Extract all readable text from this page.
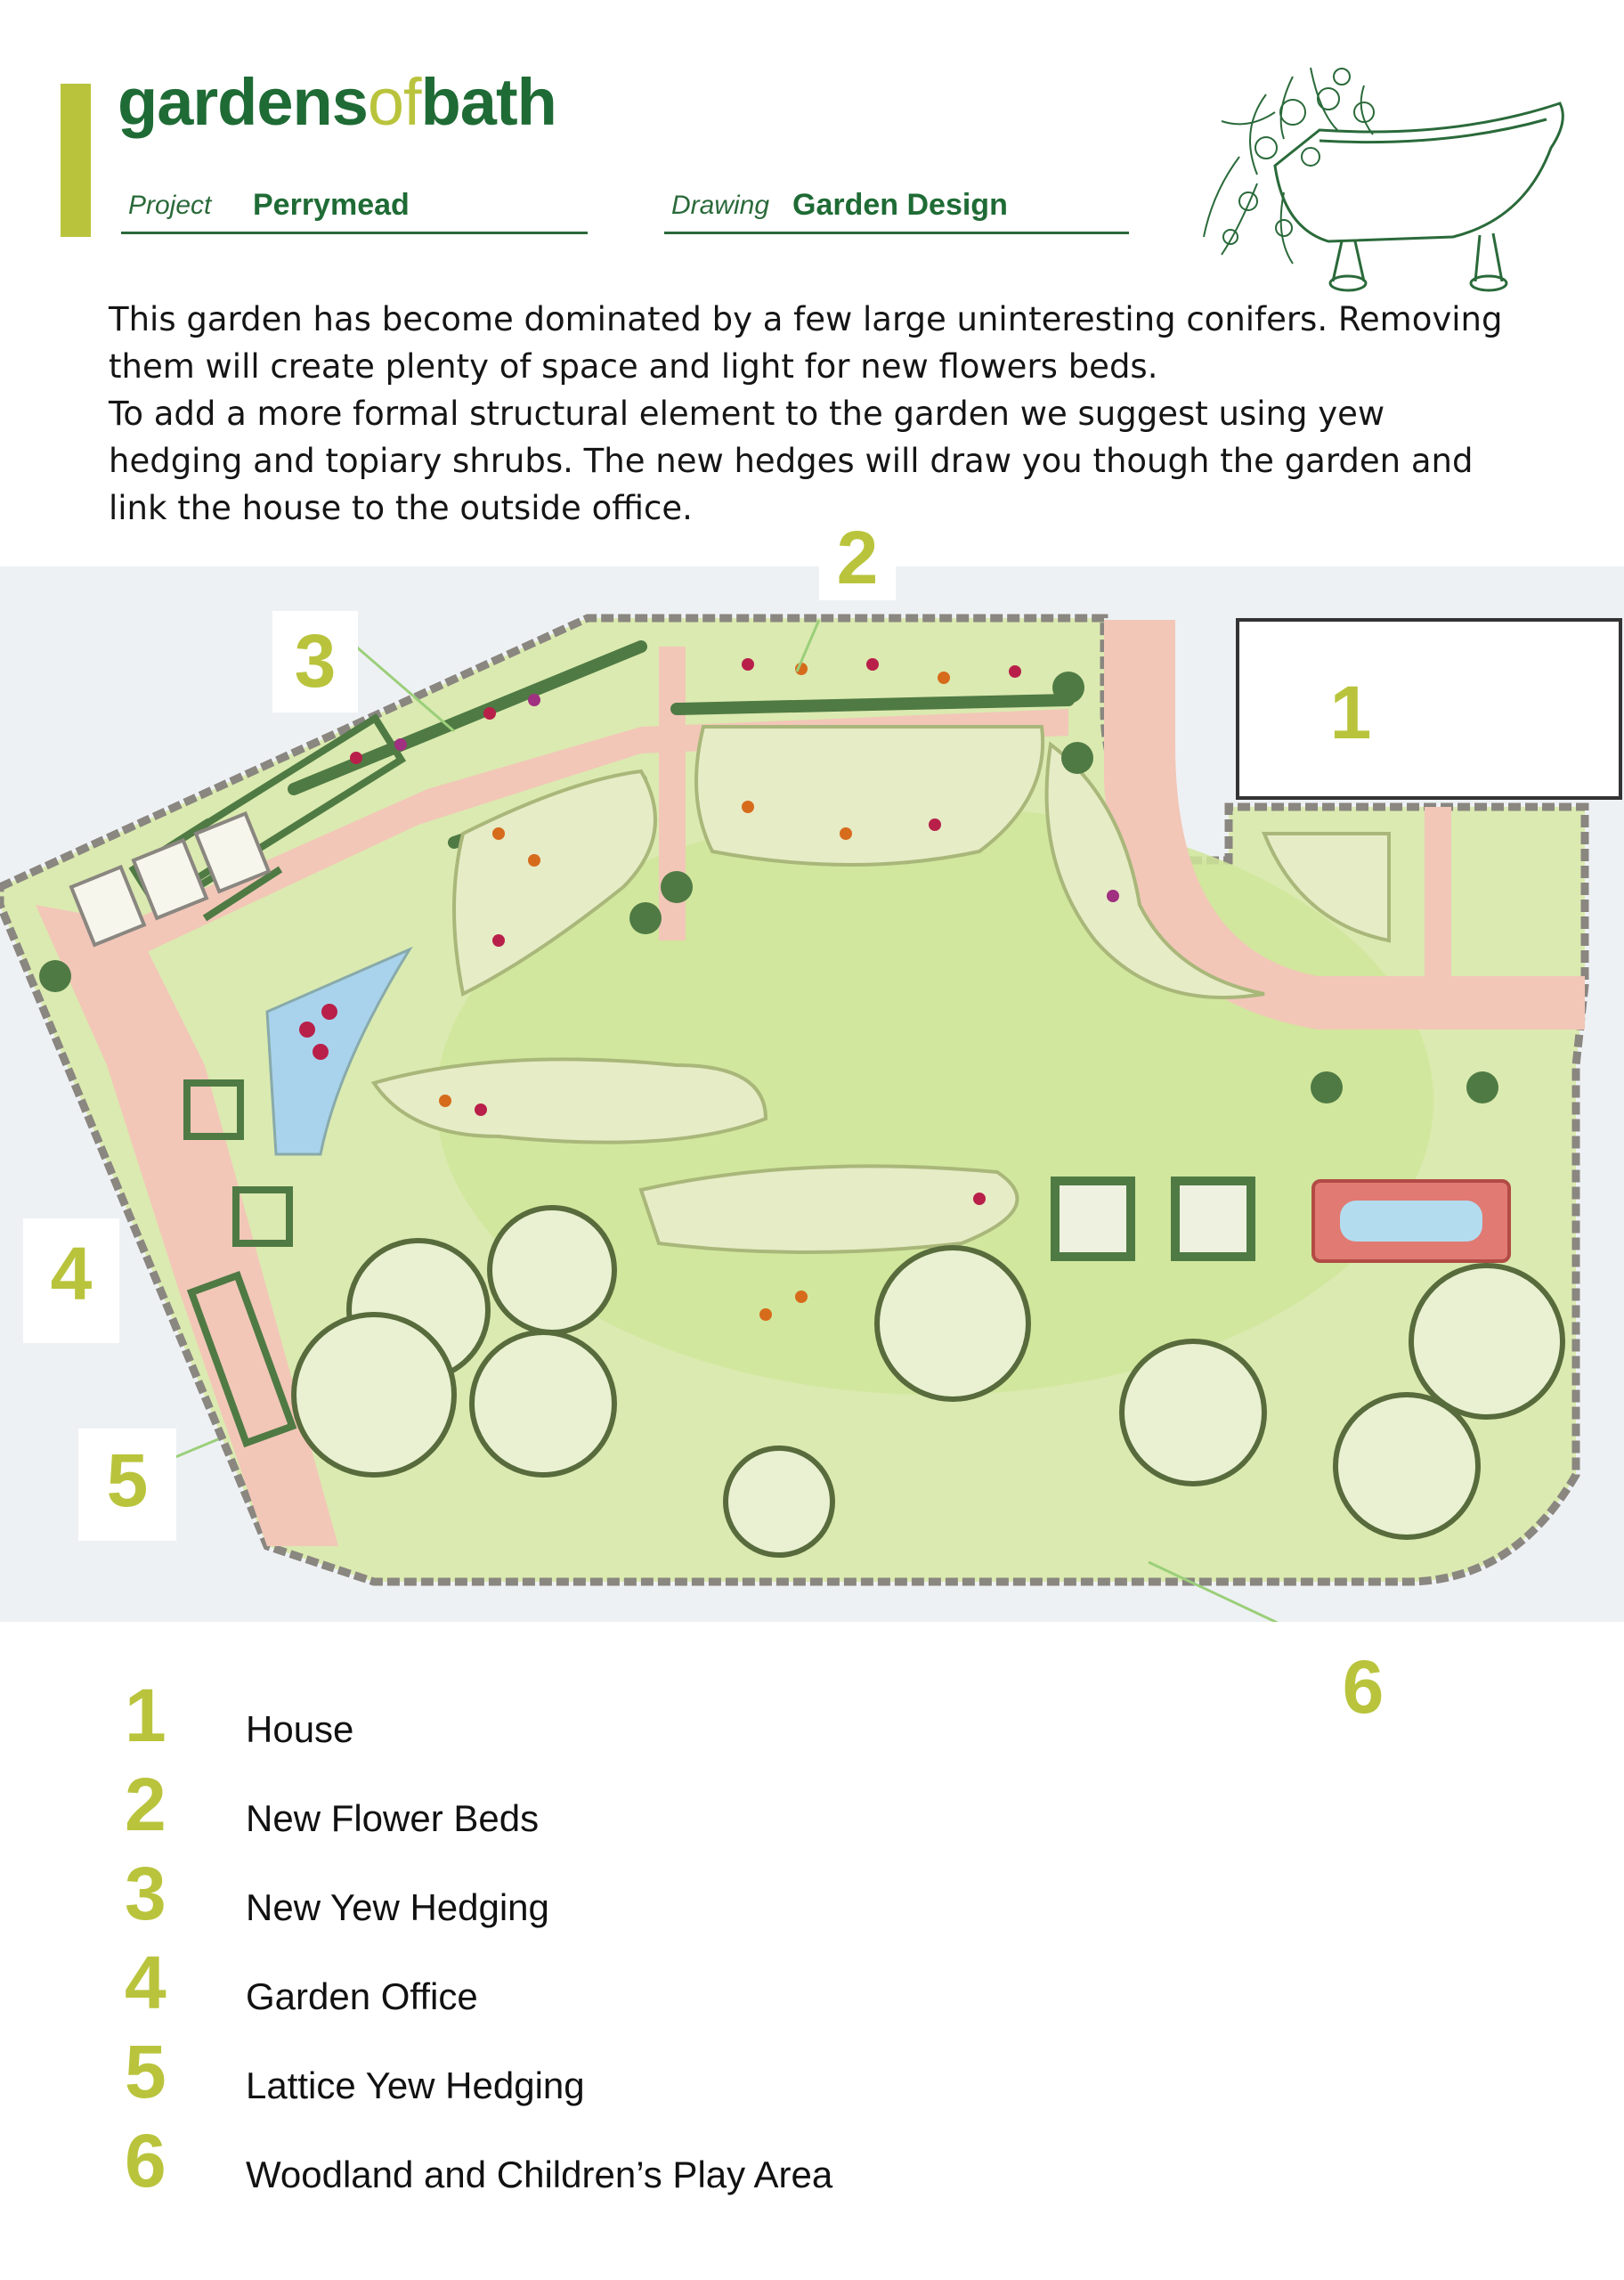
gardensofbath
Project Perrymead	Drawing Garden Design

This garden has become dominated by a few large uninteresting conifers. Removing them will create plenty of space and light for new flowers beds.

To add a more formal structural element to the garden we suggest using yew hedging and topiary shrubs. The new hedges will draw you though the garden and link the house to the outside office.

1
2
3
4
5
6
1	House
2	New Flower Beds
3	New Yew Hedging
4	Garden Office
5	Lattice Yew Hedging
6	Woodland and Children’s Play Area
